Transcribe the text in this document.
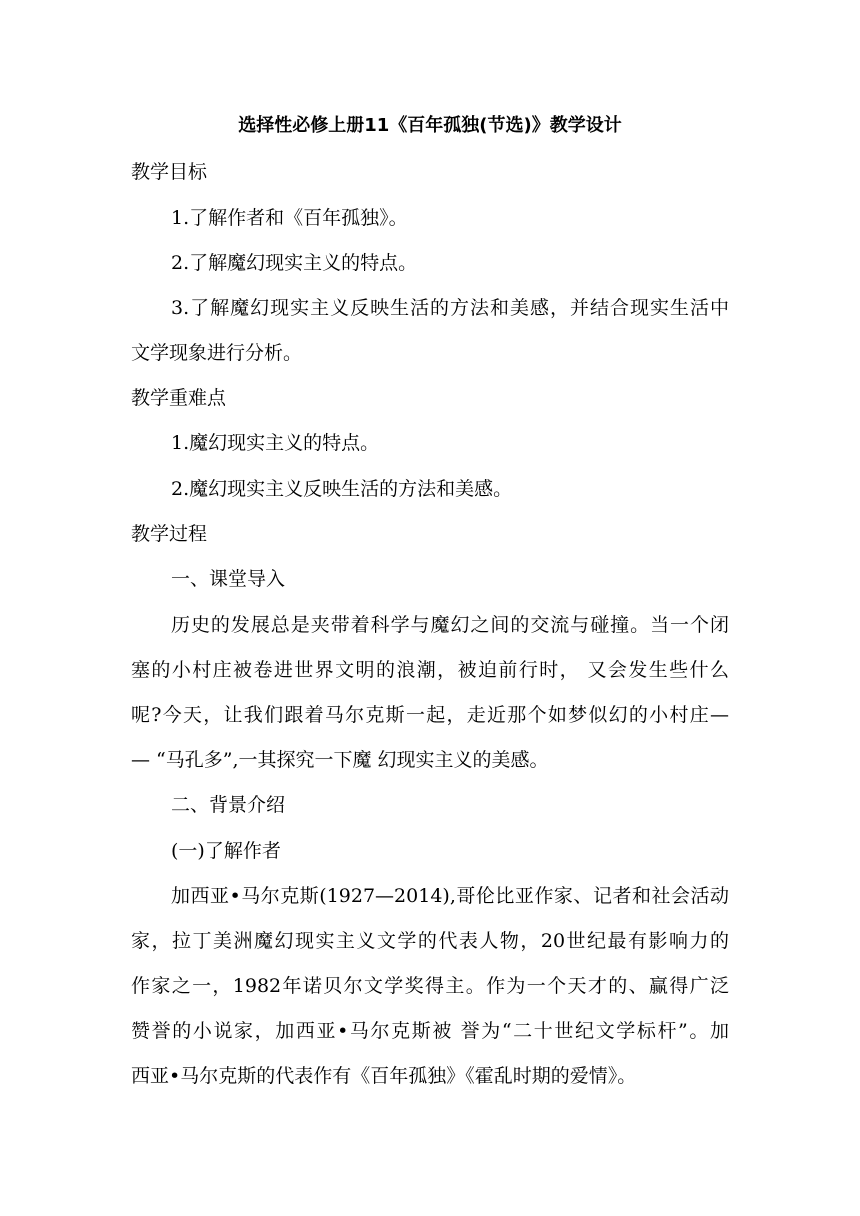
选择性必修上册11《百年孤独(节选)》教学设计
教学目标
1.了解作者和《百年孤独》。
2.了解魔幻现实主义的特点。
3.了解魔幻现实主义反映生活的方法和美感，并结合现实生活中
文学现象进行分析。
教学重难点
1.魔幻现实主义的特点。
2.魔幻现实主义反映生活的方法和美感。
教学过程
一、课堂导入
历史的发展总是夹带着科学与魔幻之间的交流与碰撞。当一个闭
塞的小村庄被卷进世界文明的浪潮，被迫前行时， 又会发生些什么
呢?今天，让我们跟着马尔克斯一起，走近那个如梦似幻的小村庄—
— “马孔多”,一其探究一下魔 幻现实主义的美感。
二、背景介绍
(一)了解作者
加西亚•马尔克斯(1927—2014),哥伦比亚作家、记者和社会活动
家，拉丁美洲魔幻现实主义文学的代表人物，20世纪最有影响力的
作家之一，1982年诺贝尔文学奖得主。作为一个天才的、赢得广泛
赞誉的小说家，加西亚•马尔克斯被 誉为“二十世纪文学标杆”。加
西亚•马尔克斯的代表作有《百年孤独》《霍乱时期的爱情》。
